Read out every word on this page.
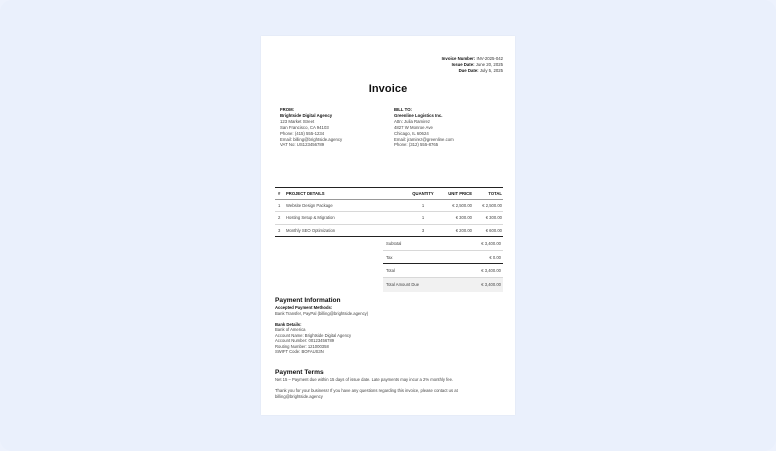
Invoice Number: INV-2025-042
Issue Date: June 20, 2025
Due Date: July 5, 2025
Invoice
FROM:
Brightside Digital Agency
123 Market Street
San Francisco, CA 94103
Phone: (415) 555-1234
Email: billing@brightside.agency
VAT No: US123456789
BILL TO:
Greenline Logistics Inc.
Attn: Julia Ramirez
4827 W Monroe Ave
Chicago, IL 60624
Email: jramirez@greenline.com
Phone: (312) 555-8765
#	PROJECT DETAILS	QUANTITY	UNIT PRICE	TOTAL
1	Website Design Package	1	€ 2,500.00	€ 2,500.00
2	Hosting Setup & Migration	1	€ 300.00	€ 300.00
3	Monthly SEO Optimization	3	€ 200.00	€ 600.00
Subtotal	€ 3,400.00
Tax	€ 0.00
Total	€ 3,400.00
Total Amount Due	€ 3,400.00
Payment Information
Accepted Payment Methods:
Bank Transfer, PayPal (billing@brightside.agency)
Bank Details:
Bank of America
Account Name: Brightside Digital Agency
Account Number: 00123456789
Routing Number: 121000358
SWIFT Code: BOFAUS3N
Payment Terms
Net 15 – Payment due within 15 days of issue date. Late payments may incur a 2% monthly fee.
Thank you for your business! If you have any questions regarding this invoice, please contact us at billing@brightside.agency
